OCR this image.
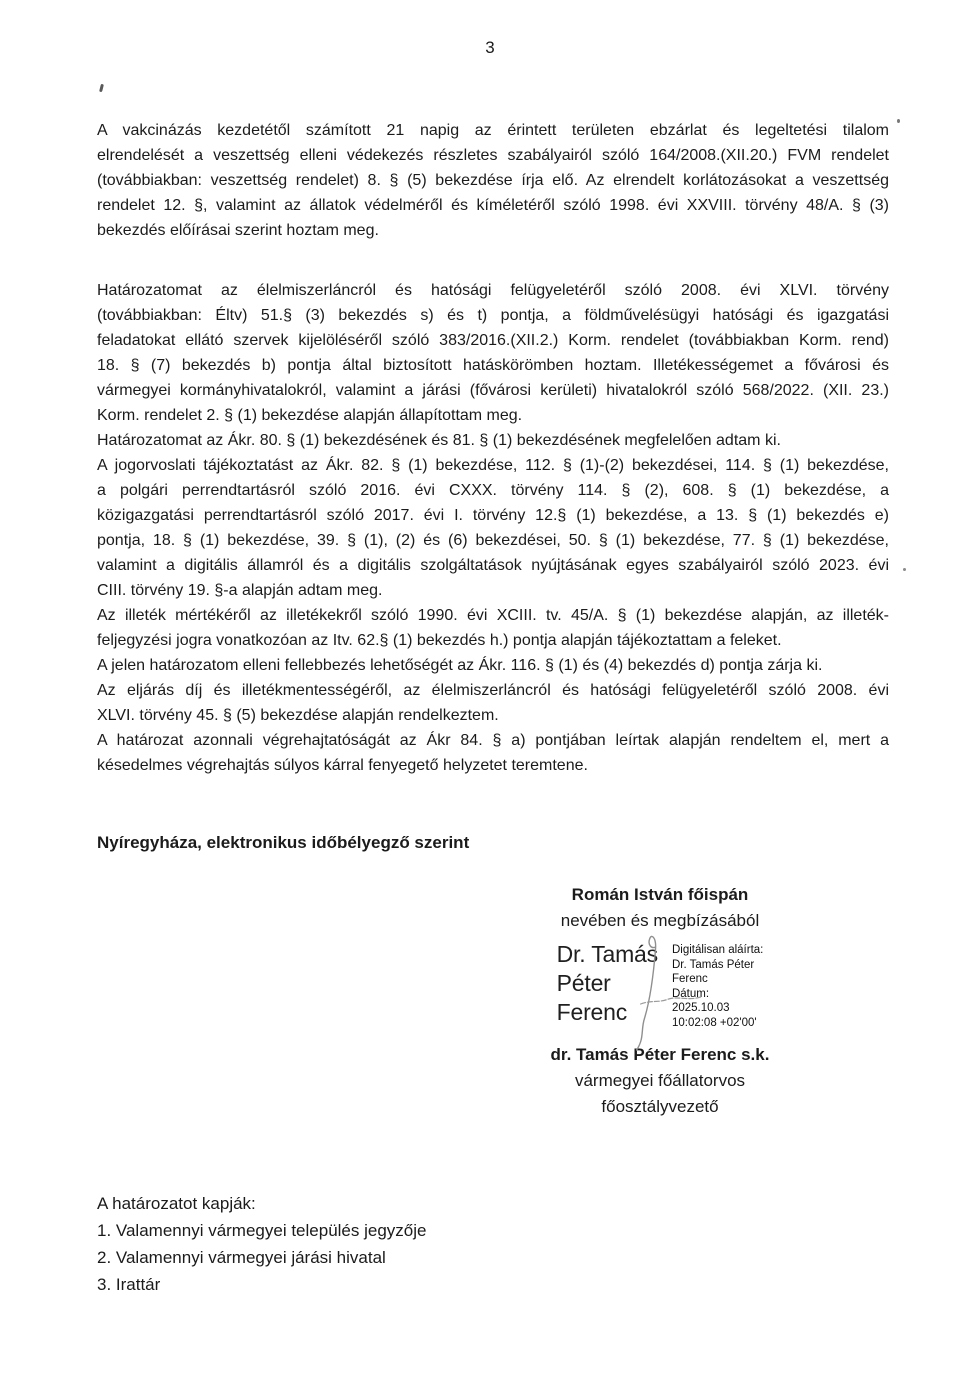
3
A vakcinázás kezdetétől számított 21 napig az érintett területen ebzárlat és legeltetési tilalom
elrendelését a veszettség elleni védekezés részletes szabályairól szóló 164/2008.(XII.20.) FVM rendelet
(továbbiakban: veszettség rendelet) 8. § (5) bekezdése írja elő. Az elrendelt korlátozásokat a veszettség
rendelet 12. §, valamint az állatok védelméről és kíméletéről szóló 1998. évi XXVIII. törvény 48/A. § (3)
bekezdés előírásai szerint hoztam meg.
Határozatomat az élelmiszerláncról és hatósági felügyeletéről szóló 2008. évi XLVI. törvény
(továbbiakban: Éltv) 51.§ (3) bekezdés s) és t) pontja, a földművelésügyi hatósági és igazgatási
feladatokat ellátó szervek kijelöléséről szóló 383/2016.(XII.2.) Korm. rendelet (továbbiakban Korm. rend)
18. § (7) bekezdés b) pontja által biztosított hatáskörömben hoztam. Illetékességemet a fővárosi és
vármegyei kormányhivatalokról, valamint a járási (fővárosi kerületi) hivatalokról szóló 568/2022. (XII. 23.)
Korm. rendelet 2. § (1) bekezdése alapján állapítottam meg.
Határozatomat az Ákr. 80. § (1) bekezdésének és 81. § (1) bekezdésének megfelelően adtam ki.
A jogorvoslati tájékoztatást az Ákr. 82. § (1) bekezdése, 112. § (1)-(2) bekezdései, 114. § (1) bekezdése,
a polgári perrendtartásról szóló 2016. évi CXXX. törvény 114. § (2), 608. § (1) bekezdése, a
közigazgatási perrendtartásról szóló 2017. évi I. törvény 12.§ (1) bekezdése, a 13. § (1) bekezdés e)
pontja, 18. § (1) bekezdése, 39. § (1), (2) és (6) bekezdései, 50. § (1) bekezdése, 77. § (1) bekezdése,
valamint a digitális államról és a digitális szolgáltatások nyújtásának egyes szabályairól szóló 2023. évi
CIII. törvény 19. §-a alapján adtam meg.
Az illeték mértékéről az illetékekről szóló 1990. évi XCIII. tv. 45/A. § (1) bekezdése alapján, az illeték-
feljegyzési jogra vonatkozóan az Itv. 62.§ (1) bekezdés h.) pontja alapján tájékoztattam a feleket.
A jelen határozatom elleni fellebbezés lehetőségét az Ákr. 116. § (1) és (4) bekezdés d) pontja zárja ki.
Az eljárás díj és illetékmentességéről, az élelmiszerláncról és hatósági felügyeletéről szóló 2008. évi
XLVI. törvény 45. § (5) bekezdése alapján rendelkeztem.
A határozat azonnali végrehajtatóságát az Ákr 84. § a) pontjában leírtak alapján rendeltem el, mert a
késedelmes végrehajtás súlyos kárral fenyegető helyzetet teremtene.
Nyíregyháza, elektronikus időbélyegző szerint
Román István főispán
nevében és megbízásából
Dr. Tamás
Péter
Ferenc
Digitálisan aláírta:
Dr. Tamás Péter
Ferenc
Dátum:
2025.10.03
10:02:08 +02'00'
dr. Tamás Péter Ferenc s.k.
vármegyei főállatorvos
főosztályvezető
A határozatot kapják:
1. Valamennyi vármegyei település jegyzője
2. Valamennyi vármegyei járási hivatal
3. Irattár
